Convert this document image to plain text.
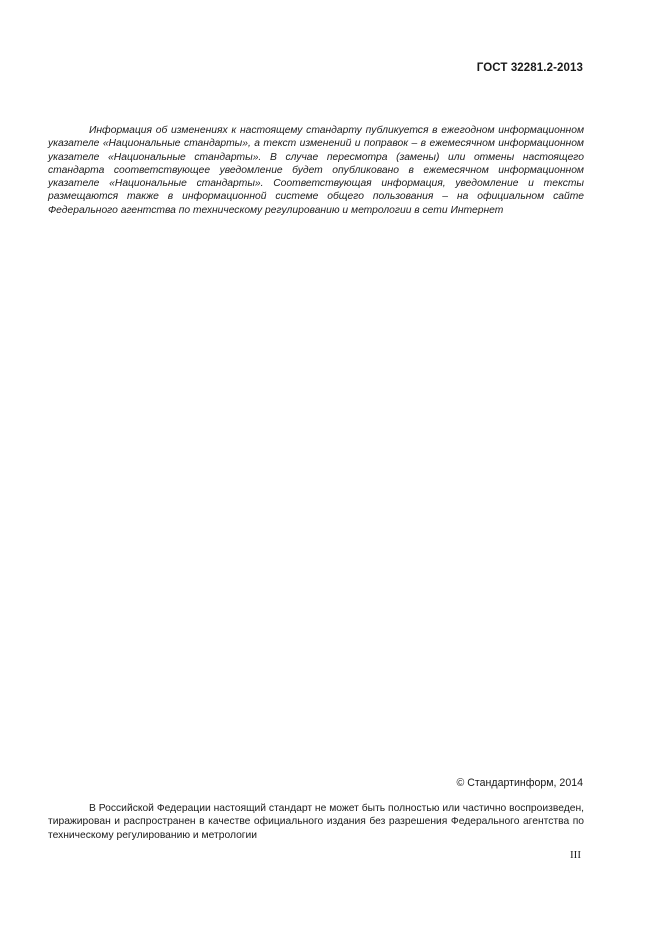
ГОСТ 32281.2-2013

Информация об изменениях к настоящему стандарту публикуется в ежегодном информационном указателе «Национальные стандарты», а текст изменений и поправок – в ежемесячном информационном указателе «Национальные стандарты». В случае пересмотра (замены) или отмены настоящего стандарта соответствующее уведомление будет опубликовано в ежемесячном информационном указателе «Национальные стандарты». Соответствующая информация, уведомление и тексты размещаются также в информационной системе общего пользования – на официальном сайте Федерального агентства по техническому регулированию и метрологии в сети Интернет

© Стандартинформ, 2014

В Российской Федерации настоящий стандарт не может быть полностью или частично воспроизведен, тиражирован и распространен в качестве официального издания без разрешения Федерального агентства по техническому регулированию и метрологии

III
